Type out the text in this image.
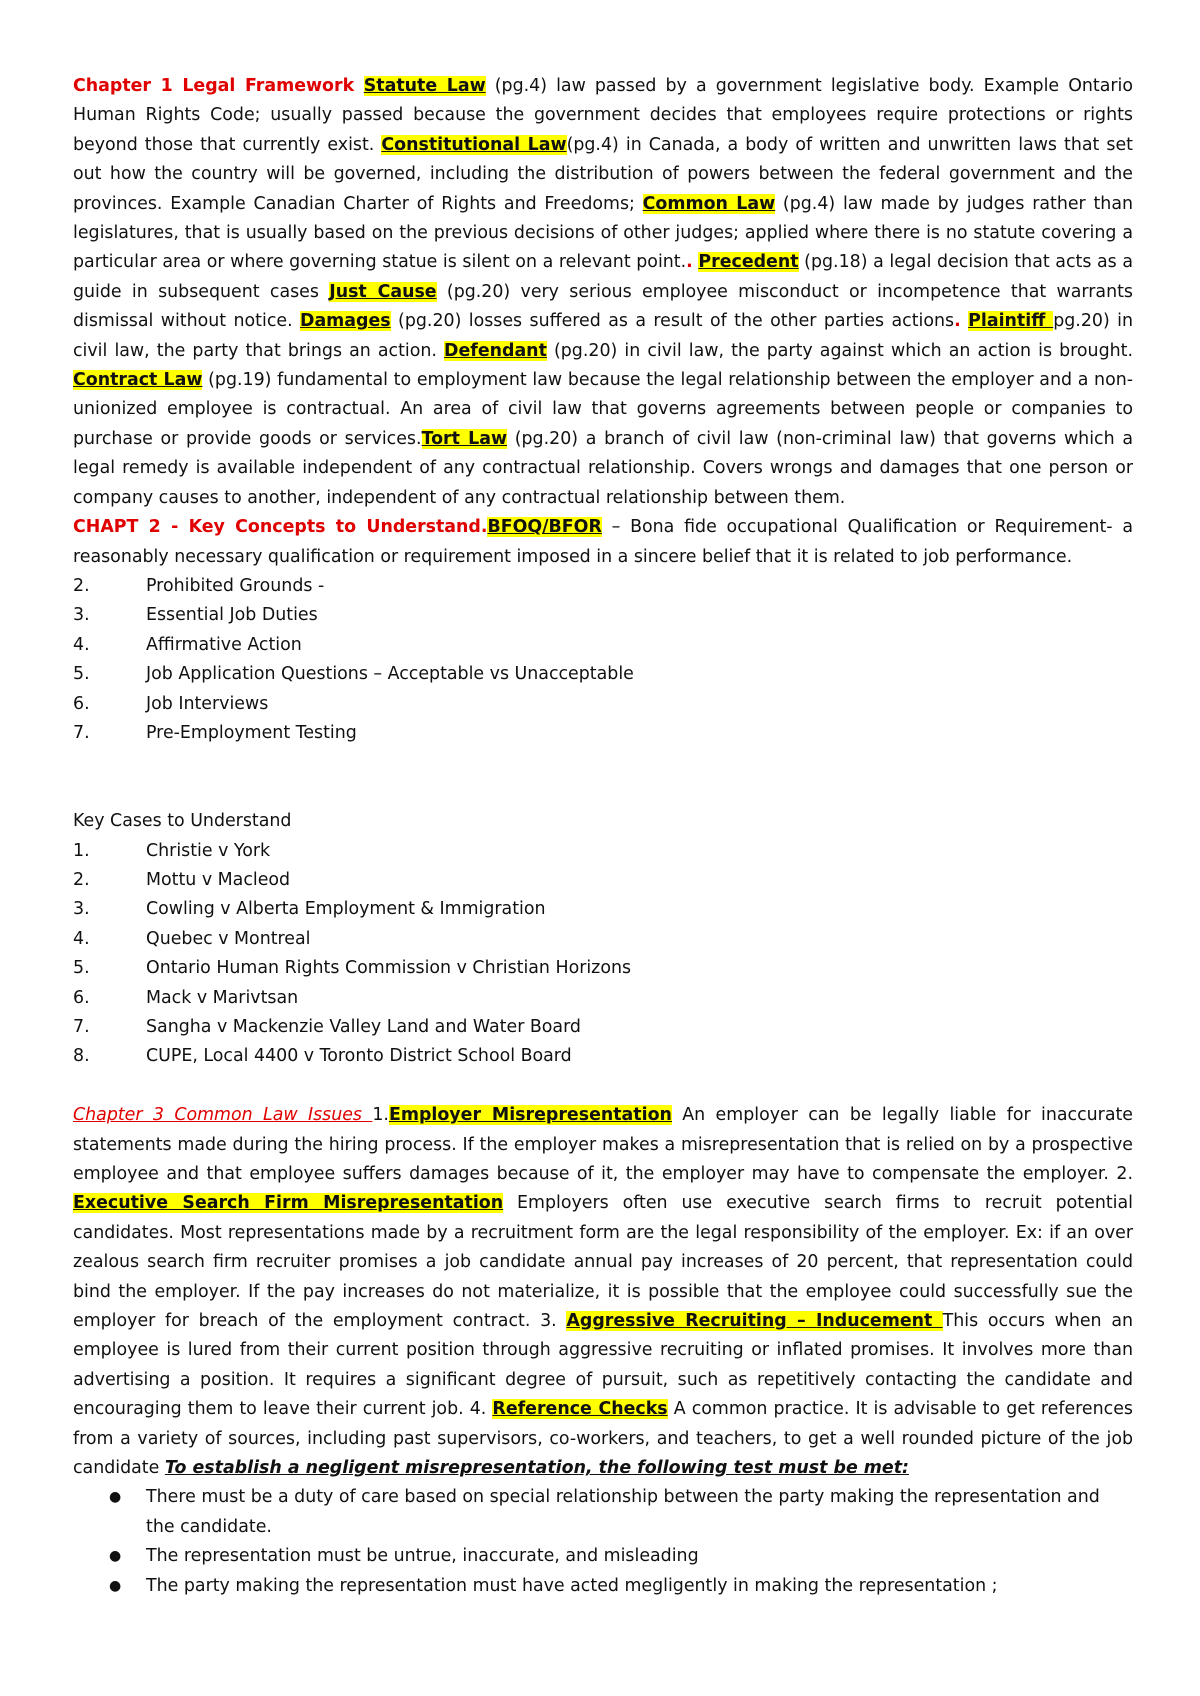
Chapter 1 Legal Framework Statute Law (pg.4) law passed by a government legislative body. Example Ontario Human Rights Code; usually passed because the government decides that employees require protections or rights beyond those that currently exist. Constitutional Law(pg.4) in Canada, a body of written and unwritten laws that set out how the country will be governed, including the distribution of powers between the federal government and the provinces. Example Canadian Charter of Rights and Freedoms; Common Law (pg.4) law made by judges rather than legislatures, that is usually based on the previous decisions of other judges; applied where there is no statute covering a particular area or where governing statue is silent on a relevant point.. Precedent (pg.18) a legal decision that acts as a guide in subsequent cases Just Cause (pg.20) very serious employee misconduct or incompetence that warrants dismissal without notice. Damages (pg.20) losses suffered as a result of the other parties actions. Plaintiff pg.20) in civil law, the party that brings an action. Defendant (pg.20) in civil law, the party against which an action is brought. Contract Law (pg.19) fundamental to employment law because the legal relationship between the employer and a non-unionized employee is contractual. An area of civil law that governs agreements between people or companies to purchase or provide goods or services.Tort Law (pg.20) a branch of civil law (non-criminal law) that governs which a legal remedy is available independent of any contractual relationship. Covers wrongs and damages that one person or company causes to another, independent of any contractual relationship between them.

CHAPT 2 - Key Concepts to Understand.BFOQ/BFOR – Bona fide occupational Qualification or Requirement- a reasonably necessary qualification or requirement imposed in a sincere belief that it is related to job performance.

2.	Prohibited Grounds -
3.	Essential Job Duties
4.	Affirmative Action
5.	Job Application Questions – Acceptable vs Unacceptable
6.	Job Interviews
7.	Pre-Employment Testing

Key Cases to Understand

1.	Christie v York
2.	Mottu v Macleod
3.	Cowling v Alberta Employment & Immigration
4.	Quebec v Montreal
5.	Ontario Human Rights Commission v Christian Horizons
6.	Mack v Marivtsan
7.	Sangha v Mackenzie Valley Land and Water Board
8.	CUPE, Local 4400 v Toronto District School Board

Chapter 3 Common Law Issues 1.Employer Misrepresentation An employer can be legally liable for inaccurate statements made during the hiring process. If the employer makes a misrepresentation that is relied on by a prospective employee and that employee suffers damages because of it, the employer may have to compensate the employer. 2. Executive Search Firm Misrepresentation Employers often use executive search firms to recruit potential candidates. Most representations made by a recruitment form are the legal responsibility of the employer. Ex: if an over zealous search firm recruiter promises a job candidate annual pay increases of 20 percent, that representation could bind the employer. If the pay increases do not materialize, it is possible that the employee could successfully sue the employer for breach of the employment contract. 3. Aggressive Recruiting – Inducement This occurs when an employee is lured from their current position through aggressive recruiting or inflated promises. It involves more than advertising a position. It requires a significant degree of pursuit, such as repetitively contacting the candidate and encouraging them to leave their current job. 4. Reference Checks A common practice. It is advisable to get references from a variety of sources, including past supervisors, co-workers, and teachers, to get a well rounded picture of the job candidate To establish a negligent misrepresentation, the following test must be met:

●	There must be a duty of care based on special relationship between the party making the representation and the candidate.
●	The representation must be untrue, inaccurate, and misleading
●	The party making the representation must have acted megligently in making the representation ;
